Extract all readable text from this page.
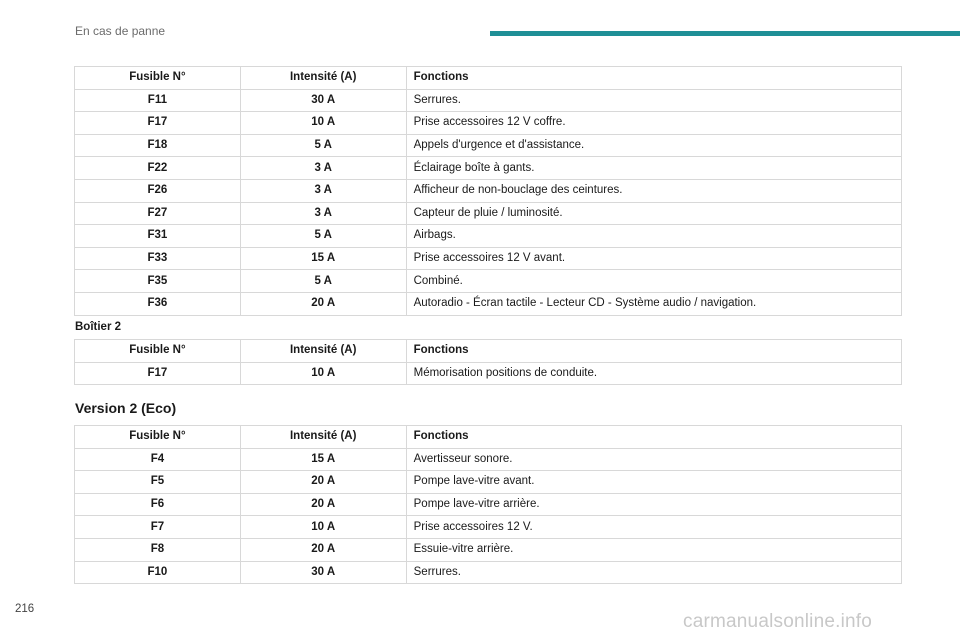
En cas de panne
Fusible N°	Intensité (A)	Fonctions
F11	30 A	Serrures.
F17	10 A	Prise accessoires 12 V coffre.
F18	5 A	Appels d'urgence et d'assistance.
F22	3 A	Éclairage boîte à gants.
F26	3 A	Afficheur de non-bouclage des ceintures.
F27	3 A	Capteur de pluie / luminosité.
F31	5 A	Airbags.
F33	15 A	Prise accessoires 12 V avant.
F35	5 A	Combiné.
F36	20 A	Autoradio - Écran tactile - Lecteur CD - Système audio / navigation.
Boîtier 2
Fusible N°	Intensité (A)	Fonctions
F17	10 A	Mémorisation positions de conduite.
Version 2 (Eco)
Fusible N°	Intensité (A)	Fonctions
F4	15 A	Avertisseur sonore.
F5	20 A	Pompe lave-vitre avant.
F6	20 A	Pompe lave-vitre arrière.
F7	10 A	Prise accessoires 12 V.
F8	20 A	Essuie-vitre arrière.
F10	30 A	Serrures.
216
carmanualsonline.info
